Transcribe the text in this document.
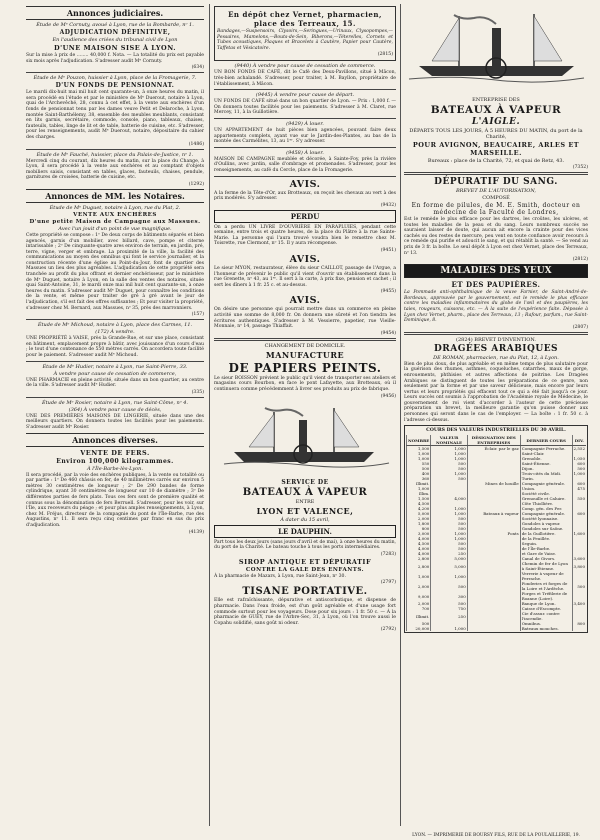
Annonces judiciaires.
Étude de Mᵉ Cornuty, avoué à Lyon, rue de la Bombarde, nᵒ 1.
ADJUDICATION DÉFINITIVE,
En l'audience des criées du tribunal civil de Lyon
D'UNE MAISON SISE À LYON.

Sur la mise à prix de ........ 40,000 f. Nota. — La totalité du prix est payable six mois après l'adjudication. S'adresser audit Mᵉ Cornuty.

(634)
Étude de Mᵉ Pouzon, huissier à Lyon, place de la Fromagerie, 7.
D'UN FONDS DE PENSIONNAT.

Le mardi dix-huit mai mil huit cent quarante-un, à onze heures du matin, il sera procédé en l'étude et par le ministère de Mᵉ Duerout, notaire à Lyon, quai de l'Archevêché, 28, connu à cet effet, à la vente aux enchères d'un fonds de pensionnat tenu par les dames veuve Petit et Delaroche, à Lyon, montée Saint-Barthélemy, 38, ensemble des meubles meublants, consistant en lits garnis, secrétaire, commode, console, piano, tableaux, chaises, fauteuils, tables, linge de lit et de table, batterie de cuisine, etc. S'adresser, pour les renseignements, audit Mᵉ Duerout, notaire, dépositaire du cahier des charges.

(1486)
Étude de Mᵉ Fauché, huissier, place du Palais-de-Justice, nᵒ 1.

Mercredi cinq du courant, dix heures du matin, sur la place du Change, à Lyon, il sera procédé à la vente aux enchères et au comptant d'objets mobiliers saisis, consistant en tables, glaces, fauteuils, chaises, pendule, garnitures de croisées, batterie de cuisine, etc.

(1292)
Annonces de MM. les Notaires.
Étude de Mᵉ Duguet, notaire à Lyon, rue du Plat, 2.
VENTE AUX ENCHÈRES
D'une petite Maison de Campagne aux Massues.
Avec l'un jouit d'un point de vue magnifique.

Cette propriété se compose : 1ᵒ De deux corps de bâtiments séparés et bien agencés, garnis d'un mobilier, avec billard, cave, pompe et citerne intarissable ; 2ᵒ De cinquante-quatre ares environ de terrain, en jardin, pré, terre, vigne, verger et ombrage. La proximité de la ville, la facilité des communications au moyen des omnibus qui font le service journalier, et la construction récente d'une église au Point-du-Jour, font de quartier des Massues un lieu des plus agréables. L'adjudication de cette propriété sera tranchée au profit du plus offrant et dernier enchérisseur, par le ministère de Mᵉ Duguet, notaire à Lyon, en la salle des ventes des notaires, située quai Saint-Antoine, 31, le mardi onze mai mil huit cent quarante-un, à onze heures du matin. S'adresser audit Mᵉ Duguet, pour connaître les conditions de la vente, et même pour traiter de gré à gré avant le jour de l'adjudication, s'il est fait des offres suffisantes ; Et pour visiter la propriété, s'adresser chez M. Bernard, aux Massues, nᵒ 35, près des marronniers.

(157)
Étude de Mᵉ Michoud, notaire à Lyon, place des Carmes, 11.
(172) À vendre.

UNE PROPRIÉTÉ à VAISE, près la Grande-Rue, et sur une place, consistant en bâtiment, emplacement propre à bâtir, avec jouissance d'un cours d'eau ; le tout d'une contenance de 550 mètres carrés. On accordera toute facilité pour le paiement. S'adresser audit Mᵉ Michoud.

Étude de Mᵉ Hudier, notaire à Lyon, rue Saint-Pierre, 33.
À vendre pour cause de cessation de commerce,

UNE PHARMACIE en pleine activité, située dans un bon quartier, au centre de la ville. S'adresser audit Mᵉ Hudier.

(335)
Étude de Mᵉ Rosier, notaire à Lyon, rue Saint-Côme, nᵒ 4.
(364) À vendre pour cause de décès,

UNE DES PREMIÈRES MAISONS DE LINGERIE, située dans une des meilleurs quartiers. On donnera toutes les facilités pour les paiements. S'adresser audit Mᵉ Rosier.

Annonces diverses.
VENTE DE FERS.
Environ 100,000 kilogrammes.
À l'Île-Barbe-lès-Lyon.

Il sera procédé, par la voie des enchères publiques, à la vente ou totalité ou par partie : 1ᵒ De 460 châssis en fer, de 40 millimètres carrés sur environ 5 mètres 30 centimètres de longueur ; 2ᵒ De 290 bandes de forme cylindrique, ayant 30 centimètres de longueur sur 10 de diamètre ; 3ᵒ De différentes parties de fers plats. Tous ces fers sont de première qualité et connus sous la dénomination de fers Berruell. S'adresser, pour les voir, sur l'Île, aux receveurs du péage ; et pour plus amples renseignements, à Lyon, chez M. Fréjus, directeur de la compagnie du pont de l'Île-Barbe, rue des Augustins, nᵒ 11. Il sera reçu cinq centimes par franc en sus du prix d'adjudication.

(4139)
En dépôt chez Vernet, pharmacien, place des Terreaux, 15.

Bandages,—Suspensoirs, Clysoirs,—Seringues,—Urinaux, Clysopompes,—Pessaires, Mamelons,—Bouts-de-Sein, Biberons,—Téterelles, Cornets et Tubes acoustiques, Plaques et Bracelets à Cautère, Papier pour Cautère, Taffetas et Vésicatoire.

(2815)
(9440) À vendre pour cause de cessation de commerce.

UN BON FONDS DE CAFÉ, dit le Café des Deux-Pavillons, situé à Mâcon, très-bien achalandé. S'adresser, pour traiter, à M. Bayllon, propriétaire de l'établissement, à Mâcon.

(9445) À vendre pour cause de départ.

UN FONDS DE CAFÉ situé dans un bon quartier de Lyon. — Prix : 1,000 f. — On donnera toutes facilités pour les paiements. S'adresser à M. Claret, rue Mercey, 11, à la Guillotière.

(9429) À louer.

UN APPARTEMENT de huit pièces bien agencées, pouvant faire deux appartements complets, ayant vue sur le Jardin-des-Plantes, au bas de la montée des Carmélites, 13, au 1ᵉʳ. S'y adresser.

(9458) À louer.

MAISON DE CAMPAGNE meublée et décorée, à Sainte-Foy, près la rivière d'Oullins, avec jardin, salle d'ombrage et promenades. S'adresser, pour les renseignements, au café du Cercle, place de la Fromagerie.

AVIS.

A la ferme de la Tête-d'Or, aux Brotteaux, on reçoit les chevaux au vert à des prix modérés. S'y adresser.

(9432)
PERDU

On a perdu UN LIVRE D'OUVRIÈRE EN PARAPLUIES, pendant cette semaine, entre trois et quatre heures, de la place du Plâtre à la rue Sainte-Marie. La personne qui l'aura trouvé voudra bien le remettre chez M. Toisrette, rue Clermont, nᵒ 15. Il y aura récompense.

(9451)
AVIS.

Le sieur MYON, restaurateur, élève du sieur CAILLOT, passage de l'Argue, a l'honneur de prévenir le public qu'il vient d'ouvrir un établissement dans la rue Grenette, nᵒ 43, au 1ᵉʳ. Il sert à la carte, à prix fixe, pension et cachet ; il sert les dîners à 1 fr. 25 c. et au-dessus.

(9455)
AVIS.

On désire une personne qui pourrait mettre dans un commerce en pleine activité une somme de 8,000 fr. On donnera une sûreté et l'on tiendra les écritures authentiques. S'adresser à M. Vessierre, papetier, rue Vieille-Monnaie, nᵒ 14, passage Thiaffait.

(9454)
CHANGEMENT DE DOMICILE.
MANUFACTURE
DE PAPIERS PEINTS.

Le sieur BOISSON prévient le public qu'il vient de transporter ses ateliers et magasins cours Bourbon, en face le pont Lafayette, aux Brotteaux, où il continuera comme précédemment à livrer ses produits au prix de fabrique.

(9456)
SERVICE DE
BATEAUX À VAPEUR
ENTRE
LYON ET VALENCE,
À dater du 15 avril,
LE DAUPHIN.

Part tous les deux jours (sans jours d'avril et de mai), à onze heures du matin, du port de la Charité. Le bateau touche à tous les ports intermédiaires.

(7283)
SIROP ANTIQUE ET DÉPURATIF
CONTRE LA GALE DES ENFANTS.

À la pharmacie de Mazars, à Lyon, rue Saint-Jean, nᵒ 30.

(2797)
TISANE PORTATIVE.

Elle est rafraîchissante, dépurative et antiscorbutique, et dispense de pharmacie. Dans l'eau froide, est d'un goût agréable et d'une usage fort commode surtout pour les voyageurs. Dose pour six jours : 1 fr. 50 c. — À la pharmacie de GUEY, rue de l'Arbre-Sec, 31, à Lyon, où l'on trouve aussi le Copahu solidifié, sans goût ni odeur.

(2792)
ENTREPRISE DES
BATEAUX À VAPEUR
L'AIGLE.
DÉPARTS TOUS LES JOURS, À 5 HEURES DU MATIN, du port de la Charité,
POUR AVIGNON, BEAUCAIRE, ARLES ET MARSEILLE.
Bureaux : place de la Charité, 72, et quai de Retz, 43.
(7352)
DÉPURATIF DU SANG.
BREVET DE L'AUTORISATION,
COMPOSÉ
En forme de pilules, de M. E. Smith, docteur en médecine de la Faculté de Londres,

Est le remède le plus efficace pour les dartres, les croûtes, les ulcères, et toutes les maladies de la peau et du sang. Leurs nombreux succès ne sauraient laisser de doute, qui aucun ait encore la crainte pour des vices cachés ou des restes de mercure, peu vent en toute confiance avoir recours à ce remède qui purifie et adoucit le sang, et qui rétablit la santé. — Se vend au prix de 3 fr. la boîte. Le seul dépôt à Lyon est chez Vernet, place des Terreaux, nᵒ 13.

(2812)
MALADIES DES YEUX
ET DES PAUPIÈRES.

La Pommade anti-ophthalmique de la veuve Farnier, de Saint-André-de-Bordeaux, approuvée par le gouvernement, est le remède le plus efficace contre les maladies inflammatoires du globe de l'œil et des paupières, les taies, rougeurs, cuissons, etc. — À la suite de l'expérience faite. Déposée à Lyon chez Vernet, pharm., place des Terreaux, 13 ; Rafour, parfum., rue Saint-Dominique, 8.

(2807)
(2824) BREVET D'INVENTION.
DRAGÉES ARABIQUES
DE ROMAN, pharmacien, rue du Plat, 12, à Lyon.

Bien de plus doux, de plus agréable et en même temps de plus salutaire pour la guérison des rhumes, asthmes, coqueluches, catarrhes, maux de gorge, enrouements, phthisies et autres affections de poitrine. Les Dragées Arabiques se distinguent de toutes les préparations de ce genre, non seulement par la forme et par une saveur délicieuse, mais encore par leurs vertus et leurs propriétés qui effacent tout ce qui a été fait jusqu'à ce jour. Leurs succès ont soumis à l'approbation de l'Académie royale de Médecine, le gouvernement de roi vient d'accorder à l'auteur de cette précieuse préparation un brevet, la meilleure garantie qu'on puisse donner aux personnes qui seront dans le cas de l'employer. — La boîte : 1 fr. 50 c. à l'adresse ci-dessus.

COURS DES VALEURS INDUSTRIELLES DU 30 AVRIL.
NOMBRE	VALEUR NOMINALE	DÉSIGNATION DES ENTREPRISES	DERNIER COURS	DIV.
1,500	1,000	Éclair. par le gaz	Compagnie Perrache.	2,552
1,000	1,000		Saint-Clair.	
1,000	1,000		Grenoble.	1,050
550	500		Saint-Étienne.	600
500	500		Dijon.	500
400	1,000		Trois-cités du Midi.	1,000
360	500		Turin.	
Illimit.		Mines de houille	Compagnie générale.	600
1,000			Union.	475
Illim.			Société civile.	
1,500	4,000		Grenouille et Caluire.	550
4,500			Côte Thiollière.	
4,200	1,000		Comp. gén. des Fer.	
5,000	1,000	Bateaux à vapeur	Compagnie générale.	600
2,000	500		Société lyonnaise.	
1,800	500		Gondoles à vapeur.	
800	500		Gondoles sur Saône.	
3,000	1,000	Ponts	de la Guillotière.	1,600
4,000	1,000		de la Feuillée.	
4,500	500		Seguin.	
4,000	500		de l'Île-Barbe.	
4,000	250		et Gare de Vaise.	
2,800	5,000		Canal de Givors.	3,600
2,800	5,000		Chemin de fer de Lyon à Saint-Étienne.	3,800
1,000	1,000		Verrerie à vapeur de Perrache.	
2,000	500		Fonderies et forges de la Loire et l'Ardèche.	500
9,000	300		Forges et Tréfilerie de Roanne (Loire).	
2,000	500		Banque de Lyon.	3,400
700	750		Caisse d'Escompte.	
Illimit.	250		Cie d'assur. contre l'incendie.	
500			Omnibus.	800
20,000	1,000		Bateaux mouches.	
LYON. — IMPRIMERIE DE BOURSY FILS, RUE DE LA POULAILLERIE, 19.
